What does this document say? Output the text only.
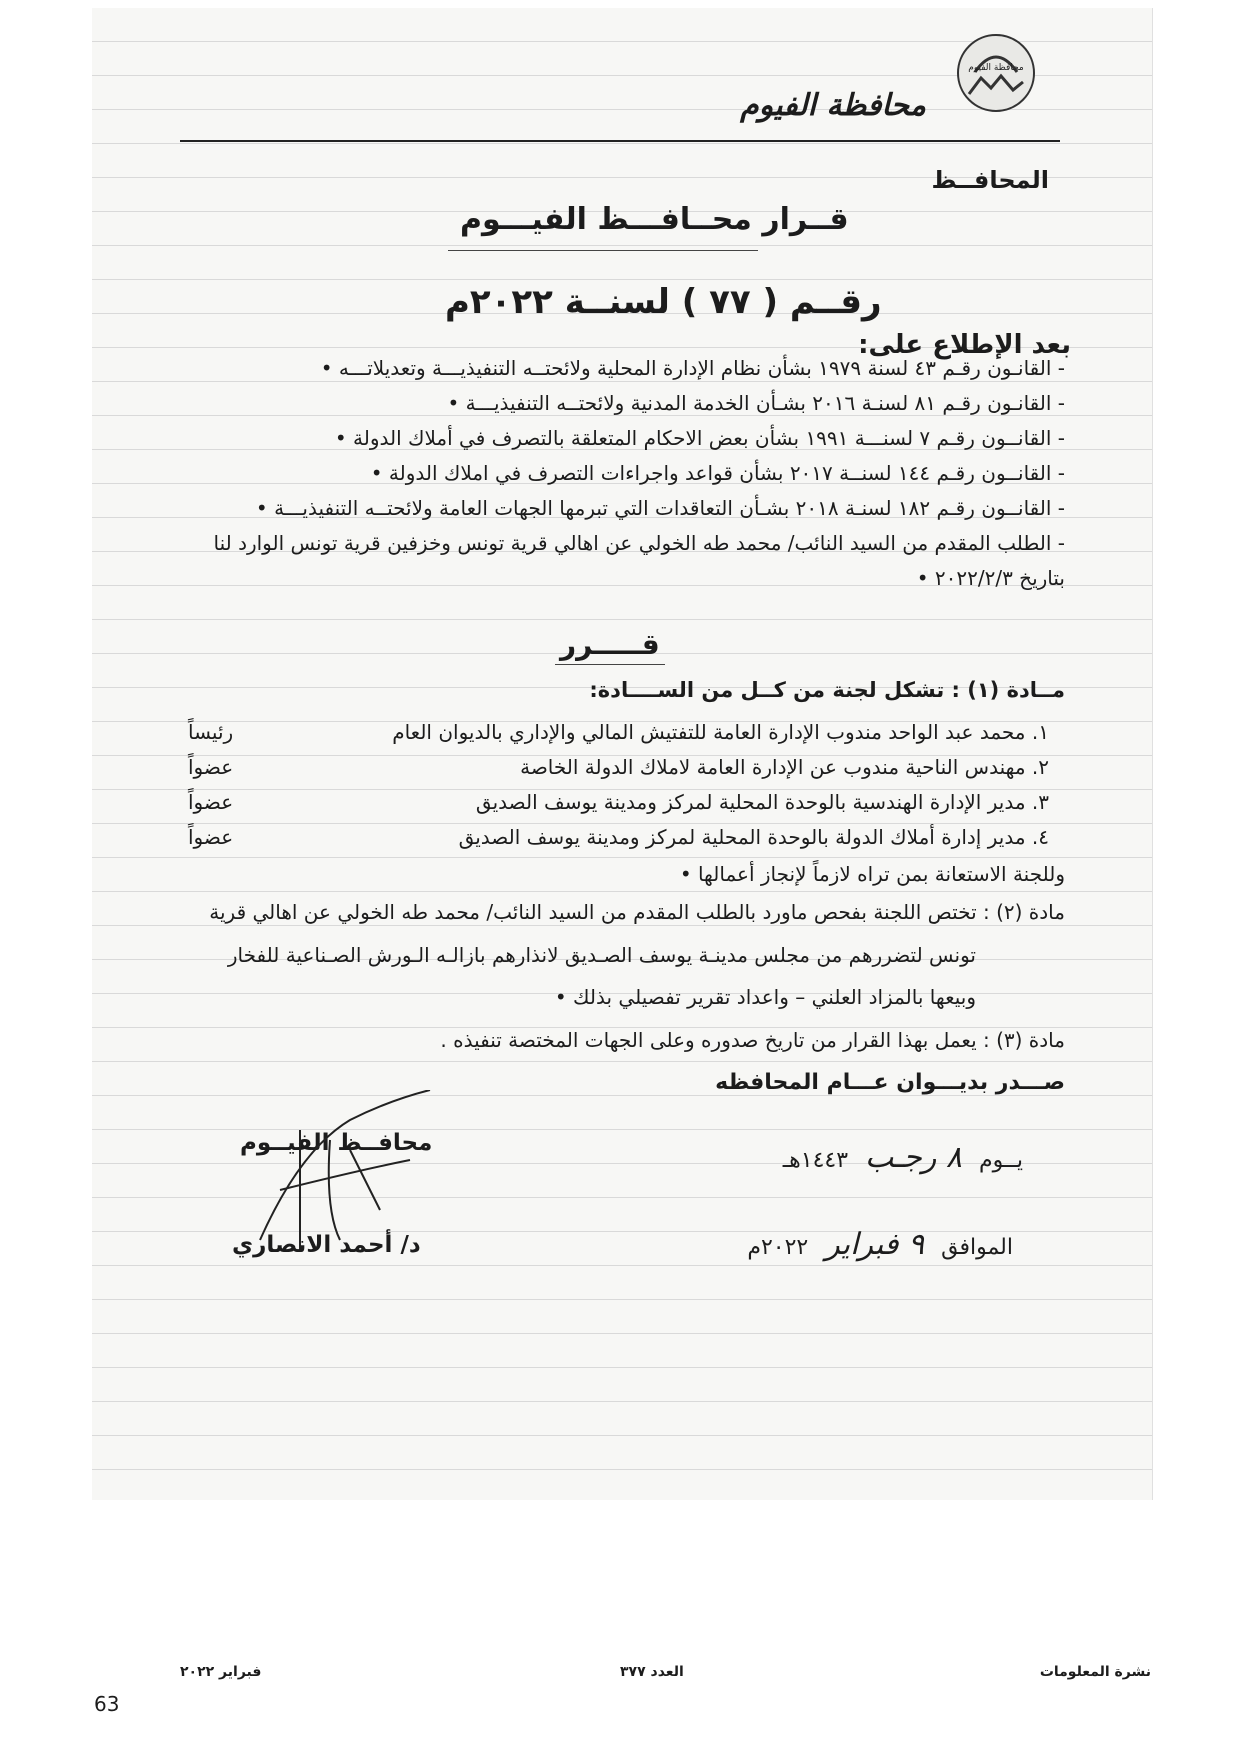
محافظة الفيوم
محافظة الفيوم
المحافــظ
قــرار محــافـــظ الفيـــوم
رقــم ( ٧٧ ) لسنــة ٢٠٢٢م
بعد الإطلاع على:
- القانـون رقـم ٤٣ لسنة ١٩٧٩ بشأن نظام الإدارة المحلية ولائحتــه التنفيذيـــة وتعديلاتـــه •
- القانـون رقـم ٨١ لسنـة ٢٠١٦ بشـأن الخدمة المدنية ولائحتــه التنفيذيـــة •
- القانــون رقـم ٧ لسنـــة ١٩٩١ بشأن بعض الاحكام المتعلقة بالتصرف في أملاك الدولة •
- القانــون رقـم ١٤٤ لسنــة ٢٠١٧ بشأن قواعد واجراءات التصرف في املاك الدولة •
- القانــون رقـم ١٨٢ لسنـة ٢٠١٨ بشـأن التعاقدات التي تبرمها الجهات العامة ولائحتــه التنفيذيـــة •
- الطلب المقدم من السيد النائب/ محمد طه الخولي عن اهالي قرية تونس وخزفين قرية تونس الوارد لنا
بتاريخ ٢٠٢٢/٢/٣ •
قـــــرر
مــادة (١) : تشكل لجنة من كــل من الســــادة:
١. محمد عبد الواحد مندوب الإدارة العامة للتفتيش المالي والإداري بالديوان العام
رئيساً
٢. مهندس الناحية مندوب عن الإدارة العامة لاملاك الدولة الخاصة
عضواً
٣. مدير الإدارة الهندسية بالوحدة المحلية لمركز ومدينة يوسف الصديق
عضواً
٤. مدير إدارة أملاك الدولة بالوحدة المحلية لمركز ومدينة يوسف الصديق
عضواً
وللجنة الاستعانة بمن تراه لازماً لإنجاز أعمالها •
مادة (٢) : تختص اللجنة بفحص ماورد بالطلب المقدم من السيد النائب/ محمد طه الخولي عن اهالي قرية
تونس لتضررهم من مجلس مدينـة يوسف الصـديق لانذارهم بازالـه الـورش الصـناعية للفخار
وبيعها بالمزاد العلني – واعداد تقرير تفصيلي بذلك •
مادة (٣) : يعمل بهذا القرار من تاريخ صدوره وعلى الجهات المختصة تنفيذه .
صـــدر بديـــوان عـــام المحافظه
محافــظ الفيــوم
د/ أحمد الانصاري
يــوم ٨ رجـب ١٤٤٣هـ
الموافق ٩ فبراير ٢٠٢٢م
نشرة المعلومات
العدد ٣٧٧
فبراير ٢٠٢٢
63
